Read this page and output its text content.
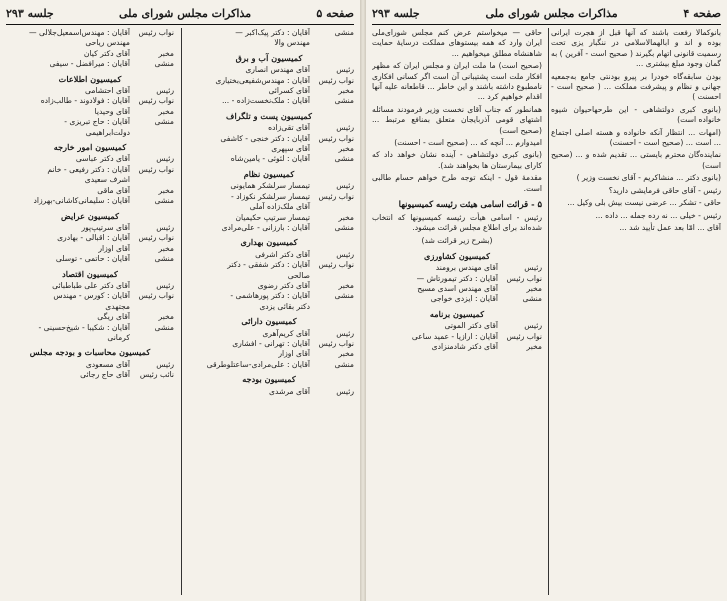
صفحه ۵
مذاکرات مجلس شورای ملی
جلسه ۲۹۳
منشی
آقایان : دکتر پیک‌اکبر —
مهندس والا
کمیسیون آب و برق
رئیس
آقای مهندس انصاری
نواب رئیس
آقایان : مهندس‌شفیعی‌بختیاری
مخبر
آقای کسرائی
منشی
آقایان : ملک‌نخست‌زاده - ...
کمیسیون پست و تلگراف
رئیس
آقای تقی‌زاده
نواب رئیس
آقایان : دکتر خنجی - کاشفی
مخبر
آقای سپهری
منشی
آقایان : لئوئی - یامین‌شاه
کمیسیون نظام
رئیس
تیمسار سرلشکر همایونی
نواب رئیس
تیمسار سرلشکر نکوزاد -
آقای ملک‌زاده آملی
مخبر
تیمسار سرتیپ حکیمیان
منشی
آقایان : بارزانی - علی‌مرادی
کمیسیون بهداری
رئیس
آقای دکتر اشرفی
نواب رئیس
آقایان : دکتر شفقی - دکتر
صالحی
مخبر
آقای دکتر رضوی
منشی
آقایان : دکتر پورهاشمی -
دکتر بقائی یزدی
کمیسیون دارائی
رئیس
آقای کریم‌آهری
نواب رئیس
آقایان : تهرانی - افشاری
مخبر
آقای اوزار
منشی
آقایان : علی‌مرادی-ساعتلوطرقی
کمیسیون بودجه
رئیس
آقای مرشدی
نواب رئیس
آقایان : مهندس‌اسمعیل‌جلالی —
مهندس ریاحی
مخبر
آقای دکتر کیان
منشی
آقایان : میرافضل - سیفی
کمیسیون اطلاعات
رئیس
آقای احتشامی
نواب رئیس
آقایان : فولادوند - طالب‌زاده
مخبر
آقای وحیدیا
منشی
آقایان : حاج تبریزی -
دولت‌ابراهیمی
کمیسیون امور خارجه
رئیس
آقای دکتر عباسی
نواب رئیس
آقایان : دکتر رفیعی - خانم
اشرف سعیدی
مخبر
آقای ماقی
منشی
آقایان : سلیمانی‌کاشانی-بهرزاد
کمیسیون عرایض
رئیس
آقای سرتیپ‌پور
نواب رئیس
آقایان : اقبالی - بهادری
مخبر
آقای اوزار
منشی
آقایان : حاتمی - توسلی
کمیسیون اقتصاد
رئیس
آقای دکتر علی طباطبائی
نواب رئیس
آقایان : کورس - مهندس
مجتهدی
مخبر
آقای ریگی
منشی
آقایان : شکیبا - شیخ‌حسینی -
کرمانی
کمیسیون محاسبات و بودجه مجلس
رئیس
آقای مسعودی
نائب رئیس
آقای حاج رجائی
صفحه ۴
مذاکرات مجلس شورای ملی
جلسه ۲۹۳
بانوکمالا رفعت باشند که آنها قبل از هجرت ایرانی بوده و اند و ابالهمالاسلامی در ننگبار یزی تحت رسمیت قانونی اتهام بگیرند ( صحیح است - آفرین ) به گمان وجود مبلغ بیشتری ...
بودن سابقه‌گاه خودرا بر پیرو بودنتی جامع به‌جمعیه جهانی و نظام و پیشرفت مملکت ... ( صحیح است - احسنت )
(بانوی کبری دولتشاهی - این طرحها‌حیوان شیوه خانواده است)
(امهات ... انتظار آنکه خانواده و هسته اصلی اجتماع ... است ... (صحیح است - احسنت)
نماینده‌گان محترم بایستی ... تقدیم شده و ... (صحیح است)
(بانوی دکتر ... منشاکریم - آقای نخست وزیر )
رئیس - آقای حاقی فرمایشی دارید؟
حاقی - تشکر ... عرضی نیست بیش بلی وکیل ...
رئیس - خیلی ... نه رده جمله ... داده ...
آقای ... امّا بعد عمل تأیید شد ...
حاقی — میخواستم عرض کنم مجلس شورای‌ملی ایران وارد که همه بیستو‌های مملکت درسایهٔ حمایت شاهنشاه مطلق میخواهیم ...
(صحیح است) ما ملت ایران و مجلس ایران که مظهر افکار ملت است پشتیبانی آن است اگر کسانی افکاری نامطبوع داشته باشند و این خاطر ... قاطعانه علیه آنها اقدام خواهیم کرد ...
همانطور که جناب آقای نخست وزیر فرمودند مسائله اشتهای قومی آذربایجان متعلق بمنافع مرتبط ... (صحیح است)
امیدوارم ... آنچه که ... (صحیح است - احسنت)
(بانوی کبری دولتشاهی - آینده نشان خواهد داد که کارای بیمارستان ها بخواهند شد).
مقدمهٔ قول - اینکه توجه طرح خواهم حسام طالبی است.
۵ - قرائت اسامی هیئت رئیسه کمیسیونها
رئیس - اسامی هیأت رئیسه کمیسیونها که انتخاب شده‌اند برای اطلاع مجلس قرائت میشود.
(بشرح زیر قرائت شد)
کمیسیون کشاورزی
رئیس
آقای مهندس برومند
نواب رئیس
آقایان : دکتر تیمورتاش —
مخبر
آقای مهندس اسدی مسیح
منشی
آقایان : ایزدی خواجی
کمیسیون برنامه
رئیس
آقای دکتر الموتی
نواب رئیس
آقایان : ارازیا - عمید ساعی
مخبر
آقای دکتر شادمنزادی
